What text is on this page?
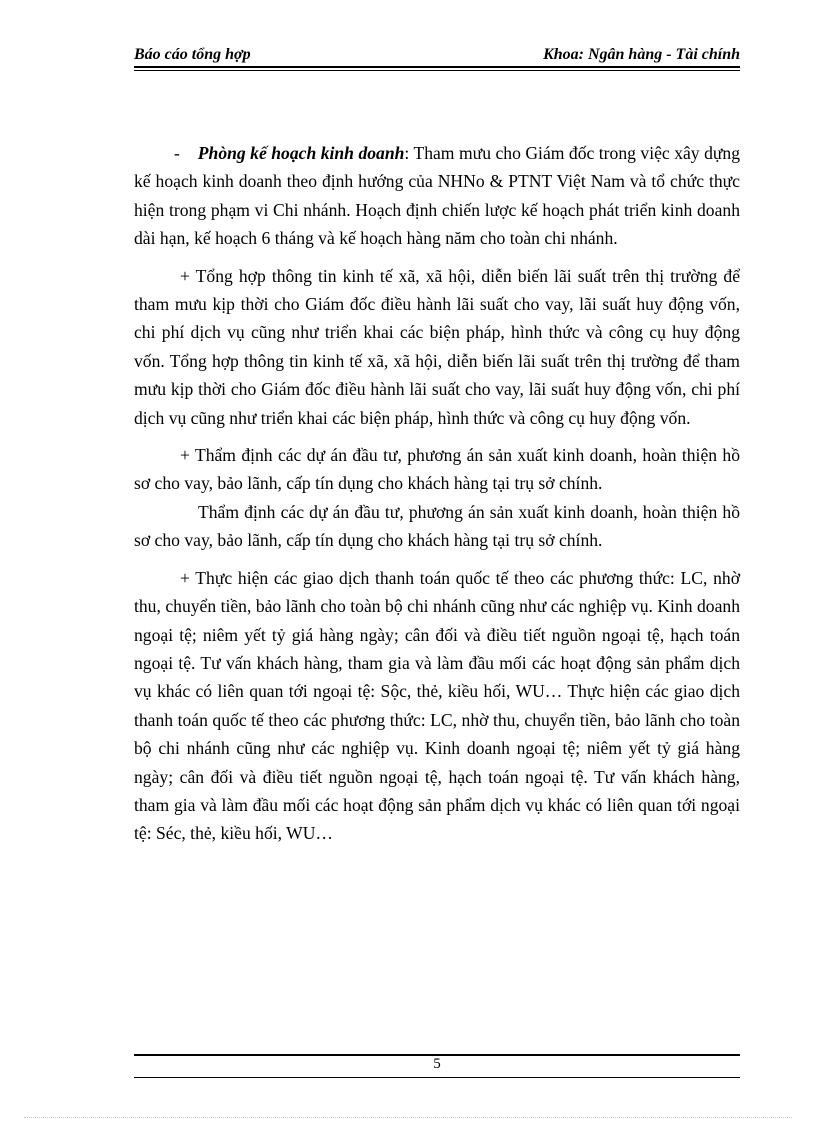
Báo cáo tổng hợp	Khoa: Ngân hàng - Tài chính

- Phòng kế hoạch kinh doanh: Tham mưu cho Giám đốc trong việc xây dựng kế hoạch kinh doanh theo định hướng của NHNo & PTNT Việt Nam và tổ chức thực hiện trong phạm vi Chi nhánh. Hoạch định chiến lược kế hoạch phát triển kinh doanh dài hạn, kế hoạch 6 tháng và kế hoạch hàng năm cho toàn chi nhánh.

+ Tổng hợp thông tin kinh tế xã, xã hội, diễn biến lãi suất trên thị trường để tham mưu kịp thời cho Giám đốc điều hành lãi suất cho vay, lãi suất huy động vốn, chi phí dịch vụ cũng như triển khai các biện pháp, hình thức và công cụ huy động vốn. Tổng hợp thông tin kinh tế xã, xã hội, diễn biến lãi suất trên thị trường để tham mưu kịp thời cho Giám đốc điều hành lãi suất cho vay, lãi suất huy động vốn, chi phí dịch vụ cũng như triển khai các biện pháp, hình thức và công cụ huy động vốn.

+ Thẩm định các dự án đầu tư, phương án sản xuất kinh doanh, hoàn thiện hồ sơ cho vay, bảo lãnh, cấp tín dụng cho khách hàng tại trụ sở chính.

Thẩm định các dự án đầu tư, phương án sản xuất kinh doanh, hoàn thiện hồ sơ cho vay, bảo lãnh, cấp tín dụng cho khách hàng tại trụ sở chính.

+ Thực hiện các giao dịch thanh toán quốc tế theo các phương thức: LC, nhờ thu, chuyển tiền, bảo lãnh cho toàn bộ chi nhánh cũng như các nghiệp vụ. Kinh doanh ngoại tệ; niêm yết tỷ giá hàng ngày; cân đối và điều tiết nguồn ngoại tệ, hạch toán ngoại tệ. Tư vấn khách hàng, tham gia và làm đầu mối các hoạt động sản phẩm dịch vụ khác có liên quan tới ngoại tệ: Sộc, thẻ, kiều hối, WU… Thực hiện các giao dịch thanh toán quốc tế theo các phương thức: LC, nhờ thu, chuyển tiền, bảo lãnh cho toàn bộ chi nhánh cũng như các nghiệp vụ. Kinh doanh ngoại tệ; niêm yết tỷ giá hàng ngày; cân đối và điều tiết nguồn ngoại tệ, hạch toán ngoại tệ. Tư vấn khách hàng, tham gia và làm đầu mối các hoạt động sản phẩm dịch vụ khác có liên quan tới ngoại tệ: Séc, thẻ, kiều hối, WU…

5
